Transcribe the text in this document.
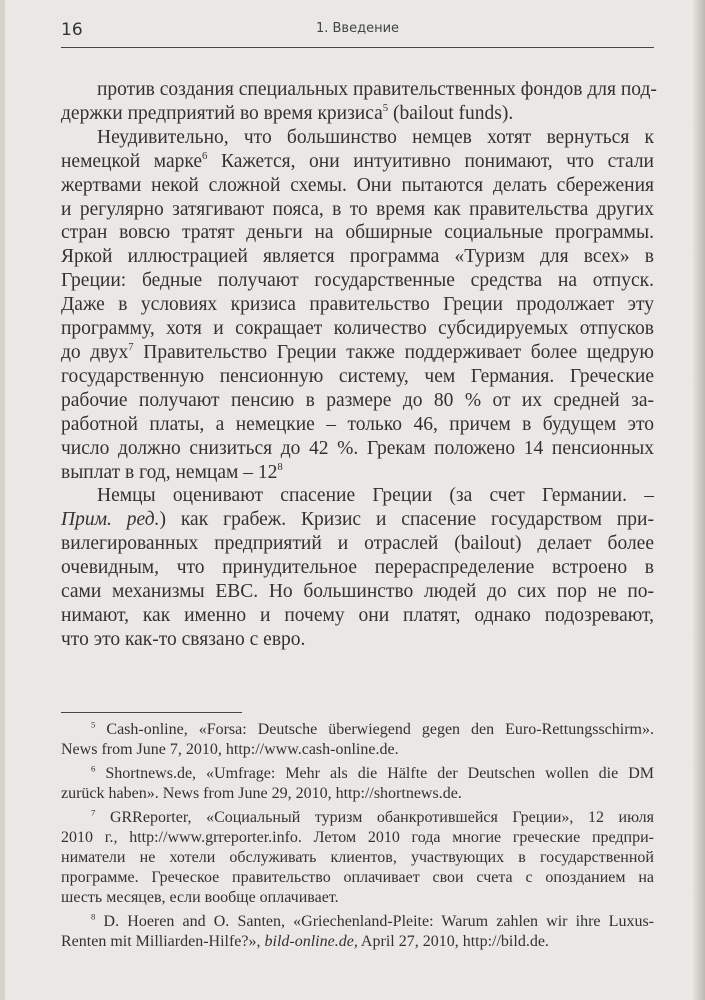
16	1. Введение
против создания специальных правительственных фондов для под-
держки предприятий во время кризиса$^5$ (bailout funds).
Неудивительно, что большинство немцев хотят вернуться к
немецкой марке$^6$ Кажется, они интуитивно понимают, что стали
жертвами некой сложной схемы. Они пытаются делать сбережения
и регулярно затягивают пояса, в то время как правительства других
стран вовсю тратят деньги на обширные социальные программы.
Яркой иллюстрацией является программа «Туризм для всех» в
Греции: бедные получают государственные средства на отпуск.
Даже в условиях кризиса правительство Греции продолжает эту
программу, хотя и сокращает количество субсидируемых отпусков
до двух$^7$ Правительство Греции также поддерживает более щедрую
государственную пенсионную систему, чем Германия. Греческие
рабочие получают пенсию в размере до 80 % от их средней за-
работной платы, а немецкие – только 46, причем в будущем это
число должно снизиться до 42 %. Грекам положено 14 пенсионных
выплат в год, немцам – $12^8$
Немцы оценивают спасение Греции (за счет Германии. –
Прим. ред.) как грабеж. Кризис и спасение государством при-
вилегированных предприятий и отраслей (bailout) делает более
очевидным, что принудительное перераспределение встроено в
сами механизмы ЕВС. Но большинство людей до сих пор не по-
нимают, как именно и почему они платят, однако подозревают,
что это как-то связано с евро.
$^5$ Cash-online, «Forsa: Deutsche überwiegend gegen den Euro-Rettungsschirm».
News from June 7, 2010, http://www.cash-online.de.
$^6$ Shortnews.de, «Umfrage: Mehr als die Hälfte der Deutschen wollen die DM
zurück haben». News from June 29, 2010, http://shortnews.de.
$^7$ GRReporter, «Социальный туризм обанкротившейся Греции», 12 июля
2010 г., http://www.grreporter.info. Летом 2010 года многие греческие предпри-
ниматели не хотели обслуживать клиентов, участвующих в государственной
программе. Греческое правительство оплачивает свои счета с опозданием на
шесть месяцев, если вообще оплачивает.
$^8$ D. Hoeren and O. Santen, «Griechenland-Pleite: Warum zahlen wir ihre Luxus-
Renten mit Milliarden-Hilfe?», bild-online.de, April 27, 2010, http://bild.de.
